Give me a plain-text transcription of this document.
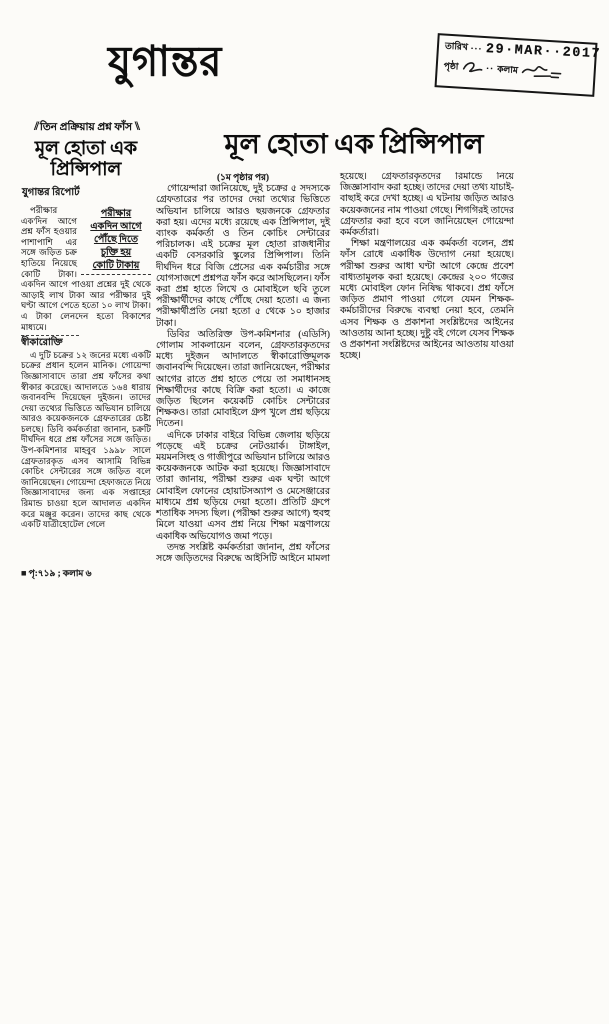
যুগান্তর	তারিখ ··· 29·MAR··2017
পৃষ্ঠা	·· কলাম
// তিন প্রক্রিয়ায় প্রশ্ন ফাঁস \\
মূল হোতা এক প্রিন্সিপাল
যুগান্তর রিপোর্ট
পরীক্ষার
একদিন আগে
পৌঁছে দিতে
চুক্তি হয়
কোটি টাকায়

পরীক্ষার এক'দিন আগে প্রশ্ন ফাঁস হওয়ার পাশাপাশি এর সঙ্গে জড়িত চক্র হাতিয়ে নিয়েছে কোটি টাকা। একদিন আগে পাওয়া প্রশ্নের দুই থেকে আড়াই লাখ টাকা আর পরীক্ষার দুই ঘণ্টা আগে পেতে হতো ১০ লাখ টাকা। এ টাকা লেনদেন হতো বিকাশের মাধ্যমে।

স্বীকারোক্তি

এ দুটি চক্রের ১২ জনের মধ্যে একটি চক্রের প্রধান হলেন মানিক। গোয়েন্দা জিজ্ঞাসাবাদে তারা প্রশ্ন ফাঁসের কথা স্বীকার করেছে। আদালতে ১৬৪ ধারায় জবানবন্দি দিয়েছেন দুইজন। তাদের দেয়া তথ্যের ভিত্তিতে অভিযান চালিয়ে আরও কয়েকজনকে গ্রেফতারের চেষ্টা চলছে। ডিবি কর্মকর্তারা জানান, চক্রটি দীর্ঘদিন ধরে প্রশ্ন ফাঁসের সঙ্গে জড়িত। উপ-কমিশনার মাহবুব ১৯৯৮ সালে গ্রেফতারকৃত এসব আসামি বিভিন্ন কোচিং সেন্টারের সঙ্গে জড়িত বলে জানিয়েছেন। গোয়েন্দা হেফাজতে নিয়ে জিজ্ঞাসাবাদের জন্য এক সপ্তাহের রিমান্ড চাওয়া হলে আদালত একদিন করে মঞ্জুর করেন। তাদের কাছ থেকে একটি যাত্রীহোটেল গেলে

■ পৃ:৭১৯ ; কলাম ৬
মূল হোতা এক প্রিন্সিপাল
(১ম পৃষ্ঠার পর)

গোয়েন্দারা জানিয়েছে, দুই চক্রের ৫ সদস্যকে গ্রেফতারের পর তাদের দেয়া তথ্যের ভিত্তিতে অভিযান চালিয়ে আরও ছয়জনকে গ্রেফতার করা হয়। এদের মধ্যে রয়েছে এক প্রিন্সিপাল, দুই ব্যাংক কর্মকর্তা ও তিন কোচিং সেন্টারের পরিচালক। এই চক্রের মূল হোতা রাজধানীর একটি বেসরকারি স্কুলের প্রিন্সিপাল। তিনি দীর্ঘদিন ধরে বিজি প্রেসের এক কর্মচারীর সঙ্গে যোগসাজশে প্রশ্নপত্র ফাঁস করে আসছিলেন। ফাঁস করা প্রশ্ন হাতে লিখে ও মোবাইলে ছবি তুলে পরীক্ষার্থীদের কাছে পৌঁছে দেয়া হতো। এ জন্য পরীক্ষার্থীপ্রতি নেয়া হতো ৫ থেকে ১০ হাজার টাকা।

ডিবির অতিরিক্ত উপ-কমিশনার (এডিসি) গোলাম সাকলায়েন বলেন, গ্রেফতারকৃতদের মধ্যে দুইজন আদালতে স্বীকারোক্তিমূলক জবানবন্দি দিয়েছেন। তারা জানিয়েছেন, পরীক্ষার আগের রাতে প্রশ্ন হাতে পেয়ে তা সমাধানসহ শিক্ষার্থীদের কাছে বিক্রি করা হতো। এ কাজে জড়িত ছিলেন কয়েকটি কোচিং সেন্টারের শিক্ষকও। তারা মোবাইলে গ্রুপ খুলে প্রশ্ন ছড়িয়ে দিতেন।

এদিকে ঢাকার বাইরে বিভিন্ন জেলায় ছড়িয়ে পড়েছে এই চক্রের নেটওয়ার্ক। টাঙ্গাইল, ময়মনসিংহ ও গাজীপুরে অভিযান চালিয়ে আরও কয়েকজনকে আটক করা হয়েছে। জিজ্ঞাসাবাদে তারা জানায়, পরীক্ষা শুরুর এক ঘণ্টা আগে মোবাইল ফোনের হোয়াটসঅ্যাপ ও মেসেঞ্জারের মাধ্যমে প্রশ্ন ছড়িয়ে দেয়া হতো। প্রতিটি গ্রুপে শতাধিক সদস্য ছিল। (পরীক্ষা শুরুর আগে) হুবহু মিলে যাওয়া এসব প্রশ্ন নিয়ে শিক্ষা মন্ত্রণালয়ে একাধিক অভিযোগও জমা পড়ে।

তদন্ত সংশ্লিষ্ট কর্মকর্তারা জানান, প্রশ্ন ফাঁসের সঙ্গে জড়িতদের বিরুদ্ধে আইসিটি আইনে মামলা হয়েছে। গ্রেফতারকৃতদের রিমান্ডে নিয়ে জিজ্ঞাসাবাদ করা হচ্ছে। তাদের দেয়া তথ্য যাচাই-বাছাই করে দেখা হচ্ছে। এ ঘটনায় জড়িত আরও কয়েকজনের নাম পাওয়া গেছে। শিগগিরই তাদের গ্রেফতার করা হবে বলে জানিয়েছেন গোয়েন্দা কর্মকর্তারা।

শিক্ষা মন্ত্রণালয়ের এক কর্মকর্তা বলেন, প্রশ্ন ফাঁস রোধে একাধিক উদ্যোগ নেয়া হয়েছে। পরীক্ষা শুরুর আধা ঘণ্টা আগে কেন্দ্রে প্রবেশ বাধ্যতামূলক করা হয়েছে। কেন্দ্রের ২০০ গজের মধ্যে মোবাইল ফোন নিষিদ্ধ থাকবে। প্রশ্ন ফাঁসে জড়িত প্রমাণ পাওয়া গেলে যেমন শিক্ষক-কর্মচারীদের বিরুদ্ধে ব্যবস্থা নেয়া হবে, তেমনি এসব শিক্ষক ও প্রকাশনা সংশ্লিষ্টদের আইনের আওতায় আনা হচ্ছে। দুষ্টু বই গেলে যেসব শিক্ষক ও প্রকাশনা সংশ্লিষ্টদের আইনের আওতায় যাওয়া হচ্ছে।
